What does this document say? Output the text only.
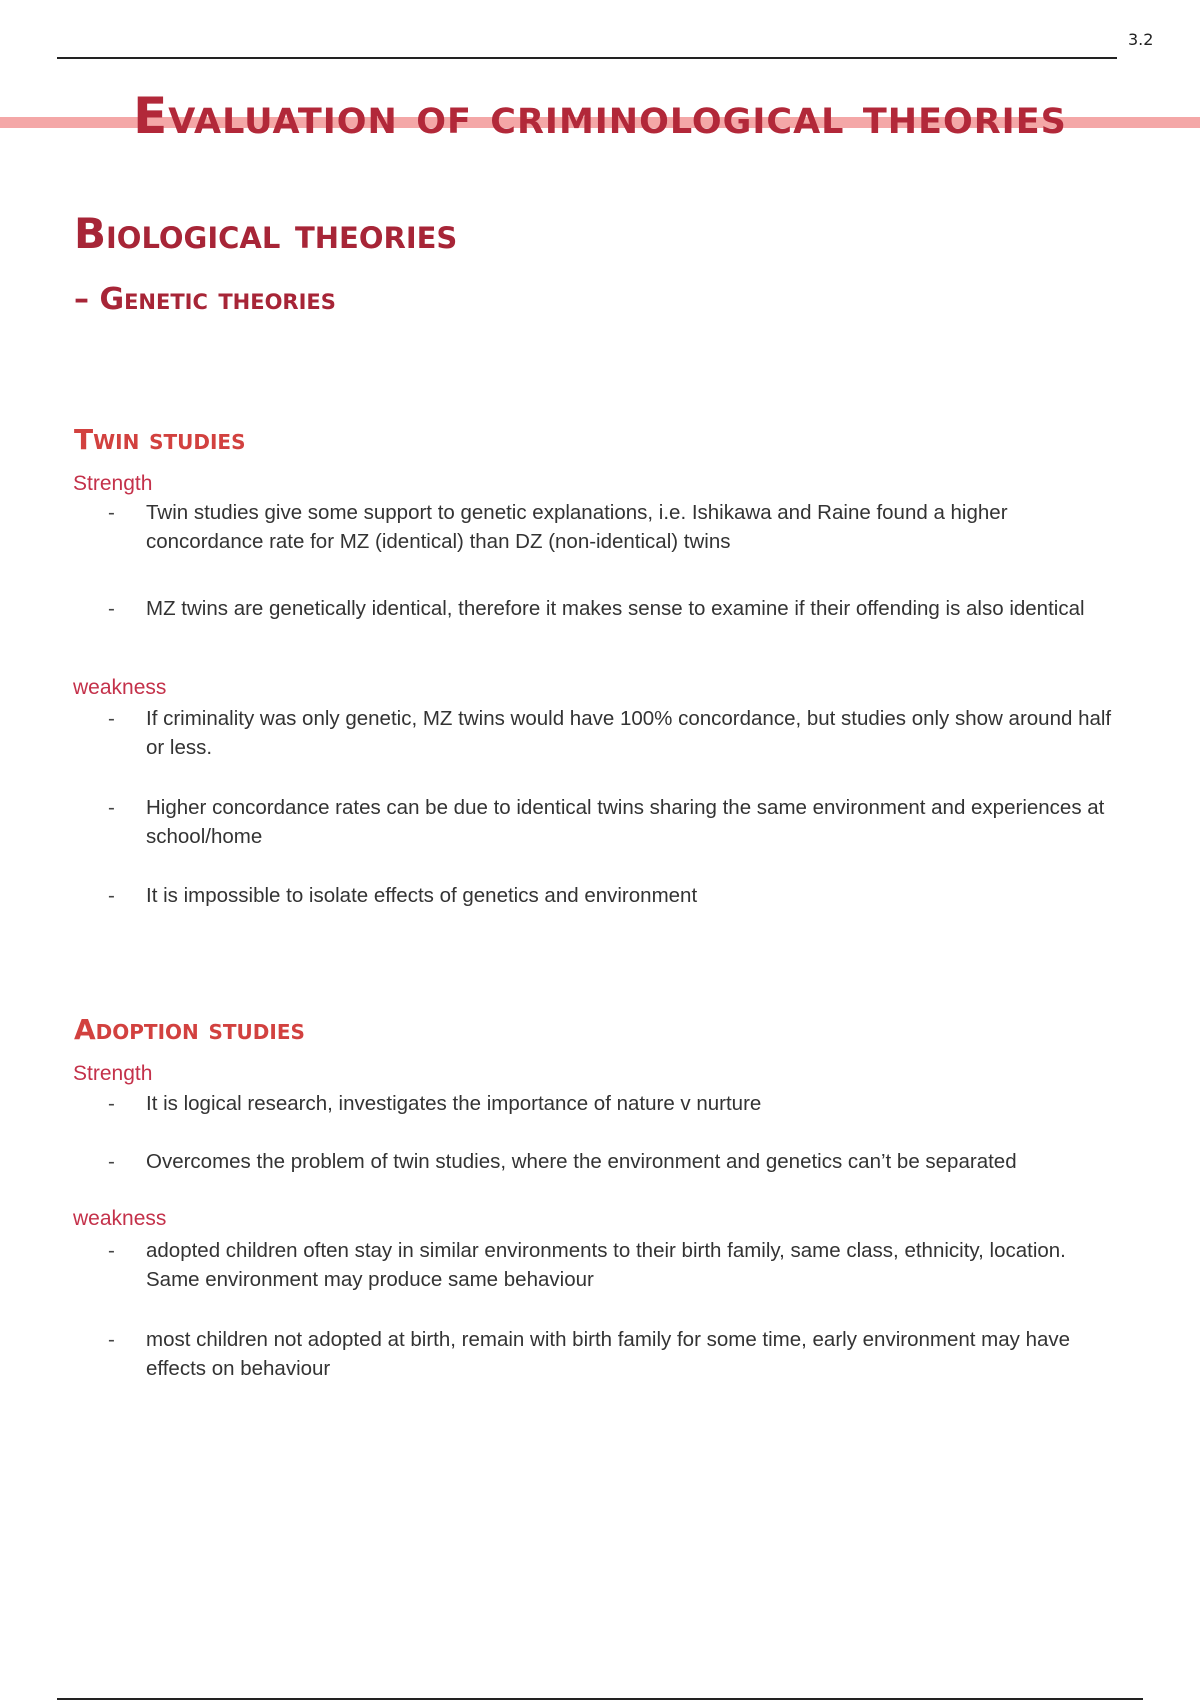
3.2
Evaluation of criminological theories
Biological theories
– Genetic theories
Twin studies
Strength
-	Twin studies give some support to genetic explanations, i.e. Ishikawa and Raine found a higher concordance rate for MZ (identical) than DZ (non-identical) twins
-	MZ twins are genetically identical, therefore it makes sense to examine if their offending is also identical
weakness
-	If criminality was only genetic, MZ twins would have 100% concordance, but studies only show around half or less.
-	Higher concordance rates can be due to identical twins sharing the same environment and experiences at school/home
-	It is impossible to isolate effects of genetics and environment
Adoption studies
Strength
-	It is logical research, investigates the importance of nature v nurture
-	Overcomes the problem of twin studies, where the environment and genetics can’t be separated
weakness
-	adopted children often stay in similar environments to their birth family, same class, ethnicity, location. Same environment may produce same behaviour
-	most children not adopted at birth, remain with birth family for some time, early environment may have effects on behaviour
